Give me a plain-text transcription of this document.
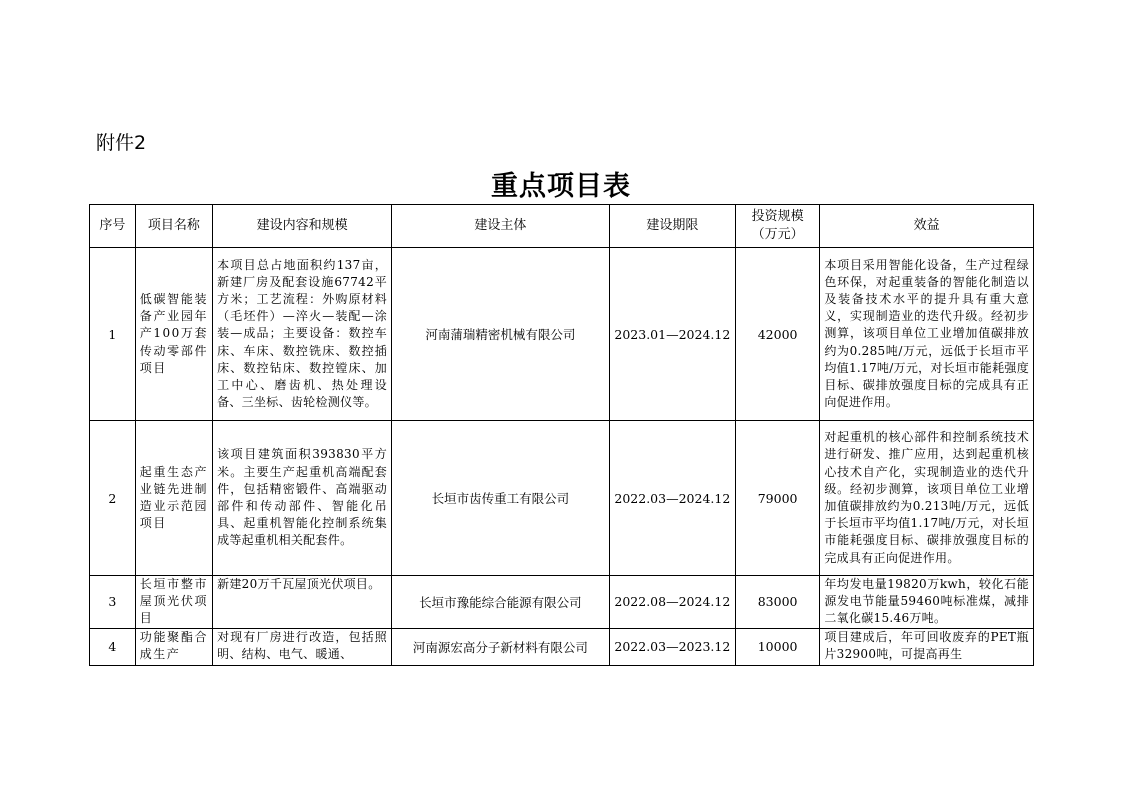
附件2
重点项目表
序号	项目名称	建设内容和规模	建设主体	建设期限	投资规模（万元）	效益
1	低碳智能装备产业园年产100万套传动零部件项目	本项目总占地面积约137亩，新建厂房及配套设施67742平方米；工艺流程：外购原材料（毛坯件）—淬火—装配—涂装—成品；主要设备：数控车床、车床、数控铣床、数控插床、数控钻床、数控镗床、加工中心、磨齿机、热处理设备、三坐标、齿轮检测仪等。	河南蒲瑞精密机械有限公司	2023.01—2024.12	42000	本项目采用智能化设备，生产过程绿色环保，对起重装备的智能化制造以及装备技术水平的提升具有重大意义，实现制造业的迭代升级。经初步测算，该项目单位工业增加值碳排放约为0.285吨/万元，远低于长垣市平均值1.17吨/万元，对长垣市能耗强度目标、碳排放强度目标的完成具有正向促进作用。
2	起重生态产业链先进制造业示范园项目	该项目建筑面积393830平方米。主要生产起重机高端配套件，包括精密锻件、高端驱动部件和传动部件、智能化吊具、起重机智能化控制系统集成等起重机相关配套件。	长垣市齿传重工有限公司	2022.03—2024.12	79000	对起重机的核心部件和控制系统技术进行研发、推广应用，达到起重机核心技术自产化，实现制造业的迭代升级。经初步测算，该项目单位工业增加值碳排放约为0.213吨/万元，远低于长垣市平均值1.17吨/万元，对长垣市能耗强度目标、碳排放强度目标的完成具有正向促进作用。
3	长垣市整市屋顶光伏项目	新建20万千瓦屋顶光伏项目。	长垣市豫能综合能源有限公司	2022.08—2024.12	83000	年均发电量19820万kwh，较化石能源发电节能量59460吨标准煤，减排二氧化碳15.46万吨。
4	功能聚酯合成生产	对现有厂房进行改造，包括照明、结构、电气、暖通、	河南源宏高分子新材料有限公司	2022.03—2023.12	10000	项目建成后，年可回收废弃的PET瓶片32900吨，可提高再生
